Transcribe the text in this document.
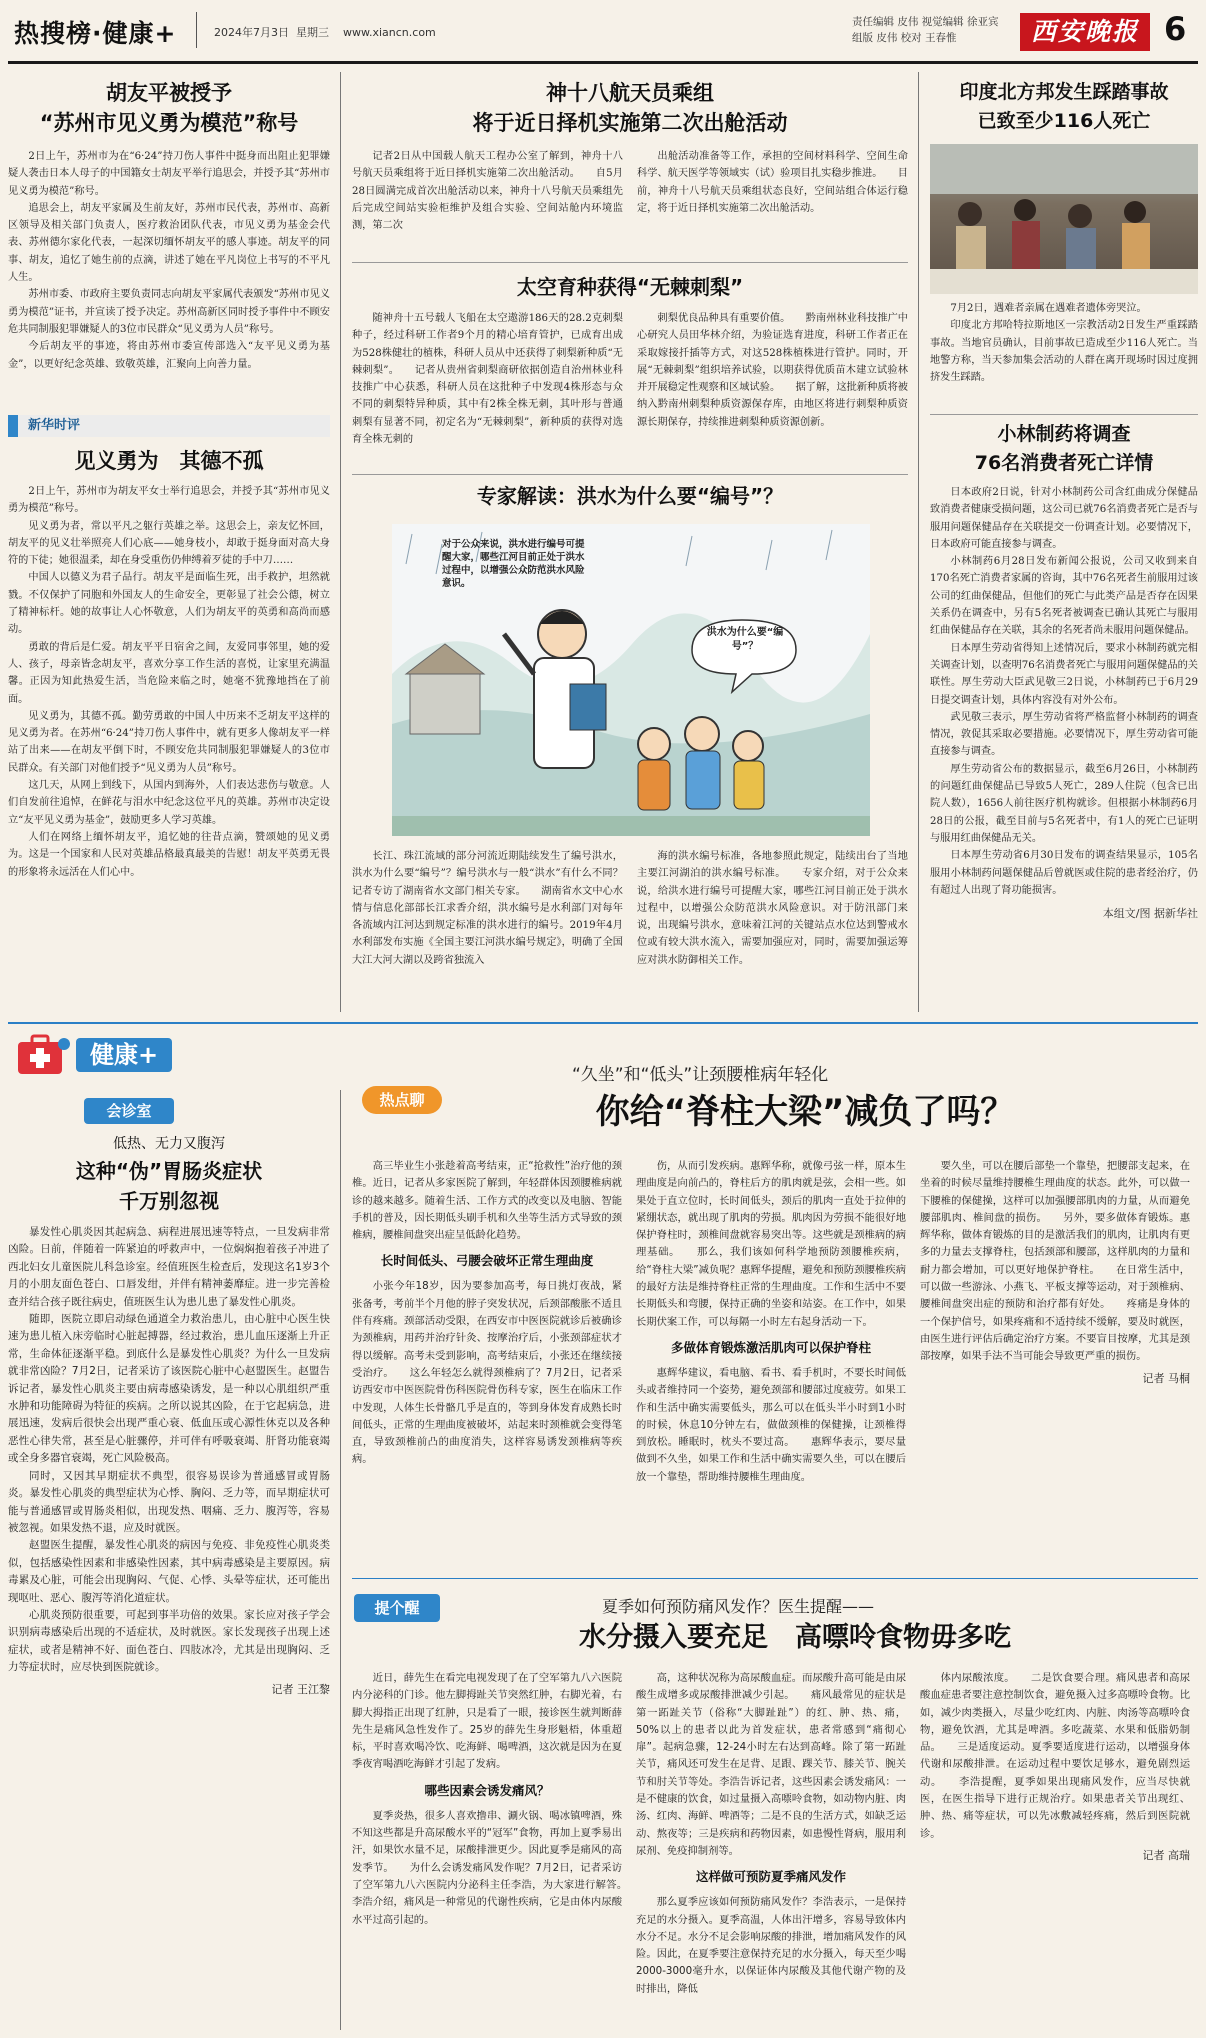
热搜榜·健康+	2024年7月3日 星期三 www.xiancn.com
责任编辑 皮伟 视觉编辑 徐亚宾
组版 皮伟 校对 王春惟	西安晚报 6
胡友平被授予
“苏州市见义勇为模范”称号

2日上午，苏州市为在“6·24”持刀伤人事件中挺身而出阻止犯罪嫌疑人袭击日本人母子的中国籍女士胡友平举行追思会，并授予其“苏州市见义勇为模范”称号。

追思会上，胡友平家属及生前友好，苏州市民代表，苏州市、高新区领导及相关部门负责人，医疗救治团队代表，市见义勇为基金会代表、苏州德尔家化代表，一起深切缅怀胡友平的感人事迹。胡友平的同事、胡友，追忆了她生前的点滴，讲述了她在平凡岗位上书写的不平凡人生。

苏州市委、市政府主要负责同志向胡友平家属代表颁发“苏州市见义勇为模范”证书，并宣读了授予决定。苏州高新区同时授予事件中不顾安危共同制服犯罪嫌疑人的3位市民群众“见义勇为人员”称号。

今后胡友平的事迹，将由苏州市委宣传部选入“友平见义勇为基金”，以更好纪念英雄、致敬英雄，汇聚向上向善力量。

新华时评
见义勇为　其德不孤

2日上午，苏州市为胡友平女士举行追思会，并授予其“苏州市见义勇为模范”称号。

见义勇为者，常以平凡之躯行英雄之举。这思会上，亲友忆怀回，胡友平的见义壮举照亮人们心底——她身枝小，却敢于挺身面对高大身符的下徒；她很温柔，却在身受重伤仍伸缚着歹徒的手中刀……

中国人以德义为君子品行。胡友平是面临生死，出手救护，坦然就戮。不仅保护了同胞和外国友人的生命安全，更彰显了社会公德，树立了精神标杆。她的故事让人心怀敬意，人们为胡友平的英勇和高尚而感动。

勇敢的背后是仁爱。胡友平平日宿舍之间，友爱同事邻里，她的爱人、孩子，母亲皆念胡友平，喜欢分享工作生活的喜悦，让家里充满温馨。正因为知此热爱生活，当危险来临之时，她毫不犹豫地挡在了前面。

见义勇为，其德不孤。勤劳勇敢的中国人中历来不乏胡友平这样的见义勇为者。在苏州“6·24”持刀伤人事件中，就有更多人像胡友平一样站了出来——在胡友平倒下时，不顾安危共同制服犯罪嫌疑人的3位市民群众。有关部门对他们授予“见义勇为人员”称号。

这几天，从网上到线下，从国内到海外，人们表达悲伤与敬意。人们自发前往追悼，在鲜花与泪水中纪念这位平凡的英雄。苏州市决定设立“友平见义勇为基金”，鼓励更多人学习英雄。

人们在网络上缅怀胡友平，追忆她的往昔点滴，赞颂她的见义勇为。这是一个国家和人民对英雄品格最真最美的告慰！胡友平英勇无畏的形象将永远活在人们心中。

神十八航天员乘组
将于近日择机实施第二次出舱活动

记者2日从中国载人航天工程办公室了解到，神舟十八号航天员乘组将于近日择机实施第二次出舱活动。　　自5月28日圆满完成首次出舱活动以来，神舟十八号航天员乘组先后完成空间站实验柜维护及组合实验、空间站舱内环境监测，第二次

出舱活动准备等工作，承担的空间材料科学、空间生命科学、航天医学等领域实（试）验项目扎实稳步推进。　　目前，神舟十八号航天员乘组状态良好，空间站组合体运行稳定，将于近日择机实施第二次出舱活动。

太空育种获得“无棘刺梨”

随神舟十五号载人飞船在太空遨游186天的28.2克刺梨种子，经过科研工作者9个月的精心培育管护，已成育出成为528株健壮的植株，科研人员从中还获得了刺梨新种质“无棘刺梨”。　　记者从贵州省刺梨商研依据创造自治州林业科技推广中心获悉，科研人员在这批种子中发现4株形态与众不同的刺梨特异种质，其中有2株全株无刺，其叶形与普通刺梨有显著不同，初定名为“无棘刺梨”，新种质的获得对选育全株无刺的

刺梨优良品种具有重要价值。　　黔南州林业科技推广中心研究人员田华林介绍，为验证选育进度，科研工作者正在采取嫁接扦插等方式，对这528株植株进行管护。同时，开展“无棘刺梨”组织培养试验，以期获得优质苗木建立试验林并开展稳定性观察和区域试验。　　据了解，这批新种质将被纳入黔南州刺梨种质资源保存库，由地区将进行刺梨种质资源长期保存，持续推进刺梨种质资源创新。

专家解读：洪水为什么要“编号”？
对于公众来说，洪水进行编号可提醒大家，哪些江河目前正处于洪水过程中，以增强公众防范洪水风险意识。
洪水为什么要“编号”？

长江、珠江流域的部分河流近期陆续发生了编号洪水，洪水为什么要“编号”？编号洪水与一般“洪水”有什么不同？记者专访了湖南省水文部门相关专家。　　湖南省水文中心水情与信息化部部长江求香介绍，洪水编号是水利部门对每年各流域内江河达到规定标准的洪水进行的编号。2019年4月水利部发布实施《全国主要江河洪水编号规定》，明确了全国大江大河大湖以及跨省独流入

海的洪水编号标准，各地参照此规定，陆续出台了当地主要江河湖泊的洪水编号标准。　　专家介绍，对于公众来说，给洪水进行编号可提醒大家，哪些江河目前正处于洪水过程中，以增强公众防范洪水风险意识。对于防汛部门来说，出现编号洪水，意味着江河的关键站点水位达到警戒水位或有较大洪水流入，需要加强应对，同时，需要加强运筹应对洪水防御相关工作。

印度北方邦发生踩踏事故
已致至少116人死亡

7月2日，遇难者亲属在遇难者遗体旁哭泣。

印度北方邦哈特拉斯地区一宗教活动2日发生严重踩踏事故。当地官员确认，目前事故已造成至少116人死亡。当地警方称，当天参加集会活动的人群在离开现场时因过度拥挤发生踩踏。

小林制药将调查
76名消费者死亡详情

日本政府2日说，针对小林制药公司含红曲成分保健品致消费者健康受损问题，这公司已就76名消费者死亡是否与服用问题保健品存在关联提交一份调查计划。必要情况下，日本政府可能直接参与调查。

小林制药6月28日发布新闻公报说，公司又收到来自170名死亡消费者家属的咨询，其中76名死者生前服用过该公司的红曲保健品，但他们的死亡与此类产品是否存在因果关系仍在调查中，另有5名死者被调查已确认其死亡与服用红曲保健品存在关联，其余的名死者尚未服用问题保健品。

日本厚生劳动省得知上述情况后，要求小林制药就完相关调查计划，以查明76名消费者死亡与服用问题保健品的关联性。厚生劳动大臣武见敬三2日说，小林制药已于6月29日提交调查计划，具体内容没有对外公布。

武见敬三表示，厚生劳动省将严格监督小林制药的调查情况，敦促其采取必要措施。必要情况下，厚生劳动省可能直接参与调查。

厚生劳动省公布的数据显示，截至6月26日，小林制药的问题红曲保健品已导致5人死亡，289人住院（包含已出院人数），1656人前往医疗机构就诊。但根据小林制药6月28日的公报，截至目前与5名死者中，有1人的死亡已证明与服用红曲保健品无关。

日本厚生劳动省6月30日发布的调查结果显示，105名服用小林制药问题保健品后曾就医或住院的患者经治疗，仍有超过人出现了肾功能损害。

本组文/图 据新华社
健康+
会诊室
低热、无力又腹泻
这种“伪”胃肠炎症状
千万别忽视

暴发性心肌炎因其起病急、病程进展迅速等特点，一旦发病非常凶险。日前，伴随着一阵紧迫的呼救声中，一位焖焖抱着孩子冲进了西北妇女儿童医院儿科急诊室。经值班医生检查后，发现这名1岁3个月的小朋友面色苍白、口唇发绀，并伴有精神萎靡症。进一步完善检查并结合孩子既往病史，值班医生认为患儿患了暴发性心肌炎。

随即，医院立即启动绿色通道全力救治患儿，由心脏中心医生快速为患儿植入床旁临时心脏起搏器，经过救治，患儿血压逐渐上升正常，生命体征逐渐平稳。到底什么是暴发性心肌炎？为什么一旦发病就非常凶险？7月2日，记者采访了该医院心脏中心赵盟医生。赵盟告诉记者，暴发性心肌炎主要由病毒感染诱发，是一种以心肌组织严重水肿和功能障碍为特征的疾病。之所以说其凶险，在于它起病急，进展迅速，发病后很快会出现严重心衰、低血压或心源性休克以及各种恶性心律失常，甚至是心脏骤停，并可伴有呼吸衰竭、肝肾功能衰竭或全身多器官衰竭，死亡风险极高。

同时，又因其早期症状不典型，很容易误诊为普通感冒或胃肠炎。暴发性心肌炎的典型症状为心悸、胸闷、乏力等，而早期症状可能与普通感冒或胃肠炎相似，出现发热、咽痛、乏力、腹泻等，容易被忽视。如果发热不退，应及时就医。

赵盟医生提醒，暴发性心肌炎的病因与免疫、非免疫性心肌炎类似，包括感染性因素和非感染性因素，其中病毒感染是主要原因。病毒累及心脏，可能会出现胸闷、气促、心悸、头晕等症状，还可能出现呕吐、恶心、腹泻等消化道症状。

心肌炎预防很重要，可起到事半功倍的效果。家长应对孩子学会识别病毒感染后出现的不适症状，及时就医。家长发现孩子出现上述症状，或者是精神不好、面色苍白、四肢冰冷，尤其是出现胸闷、乏力等症状时，应尽快到医院就诊。

记者 王江黎
热点聊
“久坐”和“低头”让颈腰椎病年轻化
你给“脊柱大梁”减负了吗？

高三毕业生小张趁着高考结束，正“抢救性”治疗他的颈椎。近日，记者从多家医院了解到，年轻群体因颈腰椎病就诊的越来越多。随着生活、工作方式的改变以及电脑、智能手机的普及，因长期低头刷手机和久坐等生活方式导致的颈椎病，腰椎间盘突出症呈低龄化趋势。

长时间低头、弓腰会破坏正常生理曲度

小张今年18岁，因为要参加高考，每日挑灯夜战，紧张备考，考前半个月他的脖子突发状况，后颈部酸胀不适且伴有疼痛。颈部活动受限，在西安市中医医院就诊后被确诊为颈椎病，用药并治疗针灸、按摩治疗后，小张颈部症状才得以缓解。高考未受到影响，高考结束后，小张还在继续接受治疗。　　这么年轻怎么就得颈椎病了？7月2日，记者采访西安市中医医院骨伤科医院骨伤科专家，医生在临床工作中发现，人体生长骨骼几乎是直的，等到身体发育成熟长时间低头，正常的生理曲度被破坏，站起来时颈椎就会变得笔直，导致颈椎前凸的曲度消失，这样容易诱发颈椎病等疾病。

伤，从而引发疾病。惠辉华称，就像弓弦一样，原本生理曲度是向前凸的，脊柱后方的肌肉就是弦，会相一些。如果处于直立位时，长时间低头，颈后的肌肉一直处于拉伸的紧绷状态，就出现了肌肉的劳损。肌肉因为劳损不能很好地保护脊柱时，颈椎间盘就容易突出等。这些就是颈椎病的病理基础。　　那么，我们该如何科学地预防颈腰椎疾病，给“脊柱大梁”减负呢？惠辉华提醒，避免和预防颈腰椎疾病的最好方法是维持脊柱正常的生理曲度。工作和生活中不要长期低头和弯腰，保持正确的坐姿和站姿。在工作中，如果长期伏案工作，可以每隔一小时左右起身活动一下。

多做体育锻炼激活肌肉可以保护脊柱

惠辉华建议，看电脑、看书、看手机时，不要长时间低头或者维持同一个姿势，避免颈部和腰部过度疲劳。如果工作和生活中确实需要低头，那么可以在低头半小时到1小时的时候，休息10分钟左右，做做颈椎的保健操，让颈椎得到放松。睡眠时，枕头不要过高。　　惠辉华表示，要尽量做到不久坐，如果工作和生活中确实需要久坐，可以在腰后放一个靠垫，帮助维持腰椎生理曲度。

要久坐，可以在腰后部垫一个靠垫，把腰部支起来，在坐着的时候尽量维持腰椎生理曲度的状态。此外，可以做一下腰椎的保健操，这样可以加强腰部肌肉的力量，从而避免腰部肌肉、椎间盘的损伤。　　另外，要多做体育锻炼。惠辉华称，做体育锻炼的目的是激活我们的肌肉，让肌肉有更多的力量去支撑脊柱，包括颈部和腰部，这样肌肉的力量和耐力都会增加，可以更好地保护脊柱。　　在日常生活中，可以做一些游泳、小燕飞、平板支撑等运动，对于颈椎病、腰椎间盘突出症的预防和治疗都有好处。　　疼痛是身体的一个保护信号，如果疼痛和不适持续不缓解，要及时就医，由医生进行评估后确定治疗方案。不要盲目按摩，尤其是颈部按摩，如果手法不当可能会导致更严重的损伤。

记者 马桐
提个醒	夏季如何预防痛风发作？医生提醒——
水分摄入要充足　高嘌呤食物毋多吃

近日，薛先生在看完电视发现了在了空军第九八六医院内分泌科的门诊。他左脚拇趾关节突然红肿，右脚光着，右脚大拇指正出现了红肿，只是看了一眼，接诊医生就判断薛先生是痛风急性发作了。25岁的薛先生身形魁梧，体重超标，平时喜欢喝冷饮、吃海鲜、喝啤酒，这次就是因为在夏季夜宵喝酒吃海鲜才引起了发病。

哪些因素会诱发痛风？

夏季炎热，很多人喜欢撸串、涮火锅、喝冰镇啤酒，殊不知这些都是升高尿酸水平的“冠军”食物，再加上夏季易出汗，如果饮水量不足，尿酸排泄更少。因此夏季是痛风的高发季节。　　为什么会诱发痛风发作呢？7月2日，记者采访了空军第九八六医院内分泌科主任李浩，为大家进行解答。　　李浩介绍，痛风是一种常见的代谢性疾病，它是由体内尿酸水平过高引起的。

高，这种状况称为高尿酸血症。而尿酸升高可能是由尿酸生成增多或尿酸排泄减少引起。　　痛风最常见的症状是第一跖趾关节（俗称“大脚趾趾”）的红、肿、热、痛，50%以上的患者以此为首发症状，患者常感到“痛彻心扉”。起病急骤，12-24小时左右达到高峰。除了第一跖趾关节，痛风还可发生在足背、足跟、踝关节、膝关节、腕关节和肘关节等处。李浩告诉记者，这些因素会诱发痛风：一是不健康的饮食，如过量摄入高嘌呤食物，如动物内脏、肉汤、红肉、海鲜、啤酒等；二是不良的生活方式，如缺乏运动、熬夜等；三是疾病和药物因素，如患慢性肾病，服用利尿剂、免疫抑制剂等。

这样做可预防夏季痛风发作

那么夏季应该如何预防痛风发作？李浩表示，一是保持充足的水分摄入。夏季高温，人体出汗增多，容易导致体内水分不足。水分不足会影响尿酸的排泄，增加痛风发作的风险。因此，在夏季要注意保持充足的水分摄入，每天至少喝2000-3000毫升水，以保证体内尿酸及其他代谢产物的及时排出，降低

体内尿酸浓度。　　二是饮食要合理。痛风患者和高尿酸血症患者要注意控制饮食，避免摄入过多高嘌呤食物。比如，减少肉类摄入，尽量少吃红肉、内脏、肉汤等高嘌呤食物，避免饮酒，尤其是啤酒。多吃蔬菜、水果和低脂奶制品。　　三是适度运动。夏季要适度进行运动，以增强身体代谢和尿酸排泄。在运动过程中要饮足够水，避免剧烈运动。　　李浩提醒，夏季如果出现痛风发作，应当尽快就医，在医生指导下进行正规治疗。如果患者关节出现红、肿、热、痛等症状，可以先冰敷减轻疼痛，然后到医院就诊。

记者 高瑞
